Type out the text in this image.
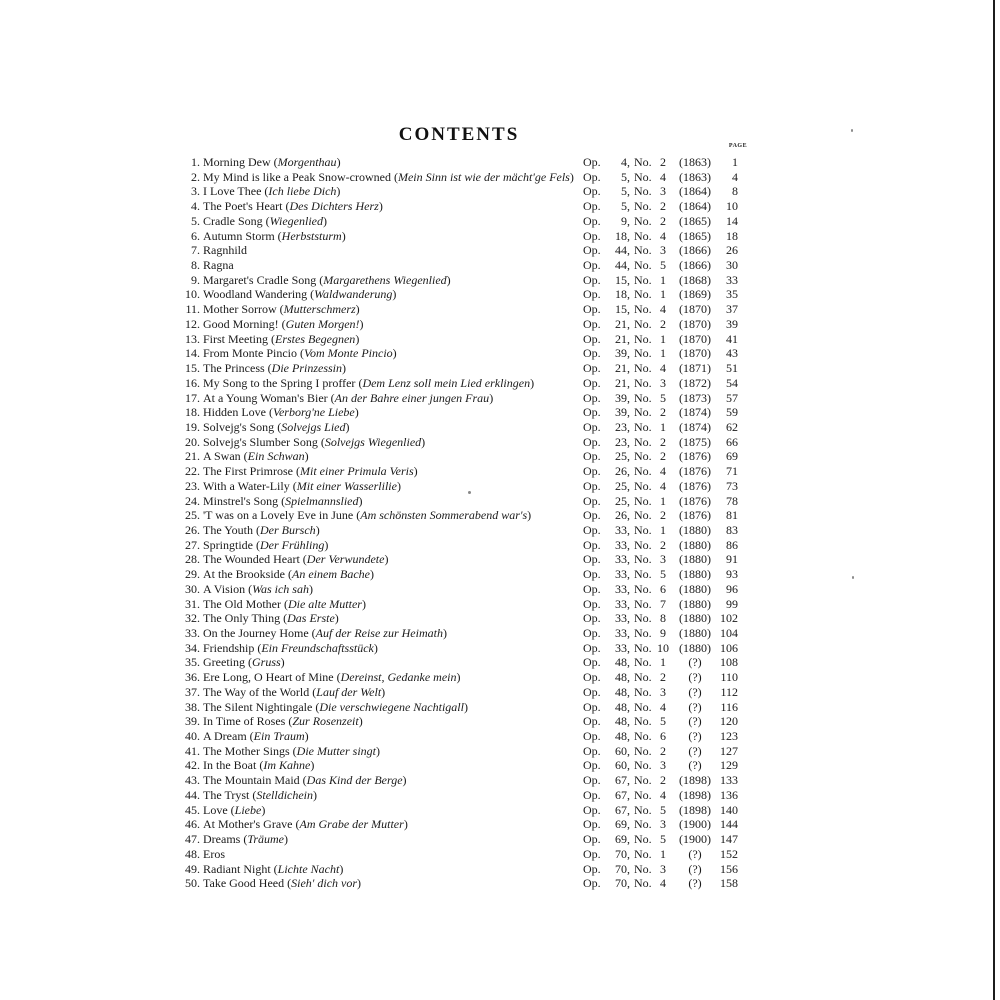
CONTENTS
PAGE
1. Morning Dew (Morgenthau)	Op.	4, No. 2	(1863)	1
2. My Mind is like a Peak Snow-crowned (Mein Sinn ist wie der mächt'ge Fels) Op.	5, No. 4	(1863)	4
3. I Love Thee (Ich liebe Dich)	Op.	5, No. 3	(1864)	8
4. The Poet's Heart (Des Dichters Herz)	Op.	5, No. 2	(1864)	10
5. Cradle Song (Wiegenlied)	Op.	9, No. 2	(1865)	14
6. Autumn Storm (Herbststurm)	Op.	18, No. 4	(1865)	18
7. Ragnhild	Op.	44, No. 3	(1866)	26
8. Ragna	Op.	44, No. 5	(1866)	30
9. Margaret's Cradle Song (Margarethens Wiegenlied)	Op.	15, No. 1	(1868)	33
10. Woodland Wandering (Waldwanderung)	Op.	18, No. 1	(1869)	35
11. Mother Sorrow (Mutterschmerz)	Op.	15, No. 4	(1870)	37
12. Good Morning! (Guten Morgen!)	Op.	21, No. 2	(1870)	39
13. First Meeting (Erstes Begegnen)	Op.	21, No. 1	(1870)	41
14. From Monte Pincio (Vom Monte Pincio)	Op.	39, No. 1	(1870)	43
15. The Princess (Die Prinzessin)	Op.	21, No. 4	(1871)	51
16. My Song to the Spring I proffer (Dem Lenz soll mein Lied erklingen)	Op.	21, No. 3	(1872)	54
17. At a Young Woman's Bier (An der Bahre einer jungen Frau)	Op.	39, No. 5	(1873)	57
18. Hidden Love (Verborg'ne Liebe)	Op.	39, No. 2	(1874)	59
19. Solvejg's Song (Solvejgs Lied)	Op.	23, No. 1	(1874)	62
20. Solvejg's Slumber Song (Solvejgs Wiegenlied)	Op.	23, No. 2	(1875)	66
21. A Swan (Ein Schwan)	Op.	25, No. 2	(1876)	69
22. The First Primrose (Mit einer Primula Veris)	Op.	26, No. 4	(1876)	71
23. With a Water-Lily (Mit einer Wasserlilie)	Op.	25, No. 4	(1876)	73
24. Minstrel's Song (Spielmannslied)	Op.	25, No. 1	(1876)	78
25. 'T was on a Lovely Eve in June (Am schönsten Sommerabend war's)	Op.	26, No. 2	(1876)	81
26. The Youth (Der Bursch)	Op.	33, No. 1	(1880)	83
27. Springtide (Der Frühling)	Op.	33, No. 2	(1880)	86
28. The Wounded Heart (Der Verwundete)	Op.	33, No. 3	(1880)	91
29. At the Brookside (An einem Bache)	Op.	33, No. 5	(1880)	93
30. A Vision (Was ich sah)	Op.	33, No. 6	(1880)	96
31. The Old Mother (Die alte Mutter)	Op.	33, No. 7	(1880)	99
32. The Only Thing (Das Erste)	Op.	33, No. 8	(1880) 102
33. On the Journey Home (Auf der Reise zur Heimath)	Op.	33, No. 9	(1880) 104
34. Friendship (Ein Freundschaftsstück)	Op.	33, No. 10 (1880) 106
35. Greeting (Gruss)	Op.	48, No. 1	(?)	108
36. Ere Long, O Heart of Mine (Dereinst, Gedanke mein)	Op.	48, No. 2	(?)	110
37. The Way of the World (Lauf der Welt)	Op.	48, No. 3	(?)	112
38. The Silent Nightingale (Die verschwiegene Nachtigall)	Op.	48, No. 4	(?)	116
39. In Time of Roses (Zur Rosenzeit)	Op.	48, No. 5	(?)	120
40. A Dream (Ein Traum)	Op.	48, No. 6	(?)	123
41. The Mother Sings (Die Mutter singt)	Op.	60, No. 2	(?)	127
42. In the Boat (Im Kahne)	Op.	60, No. 3	(?)	129
43. The Mountain Maid (Das Kind der Berge)	Op.	67, No. 2	(1898) 133
44. The Tryst (Stelldichein)	Op.	67, No. 4	(1898) 136
45. Love (Liebe)	Op.	67, No. 5	(1898) 140
46. At Mother's Grave (Am Grabe der Mutter)	Op.	69, No. 3	(1900) 144
47. Dreams (Träume)	Op.	69, No. 5	(1900) 147
48. Eros	Op.	70, No. 1	(?)	152
49. Radiant Night (Lichte Nacht)	Op.	70, No. 3	(?)	156
50. Take Good Heed (Sieh' dich vor)	Op.	70, No. 4	(?)	158
